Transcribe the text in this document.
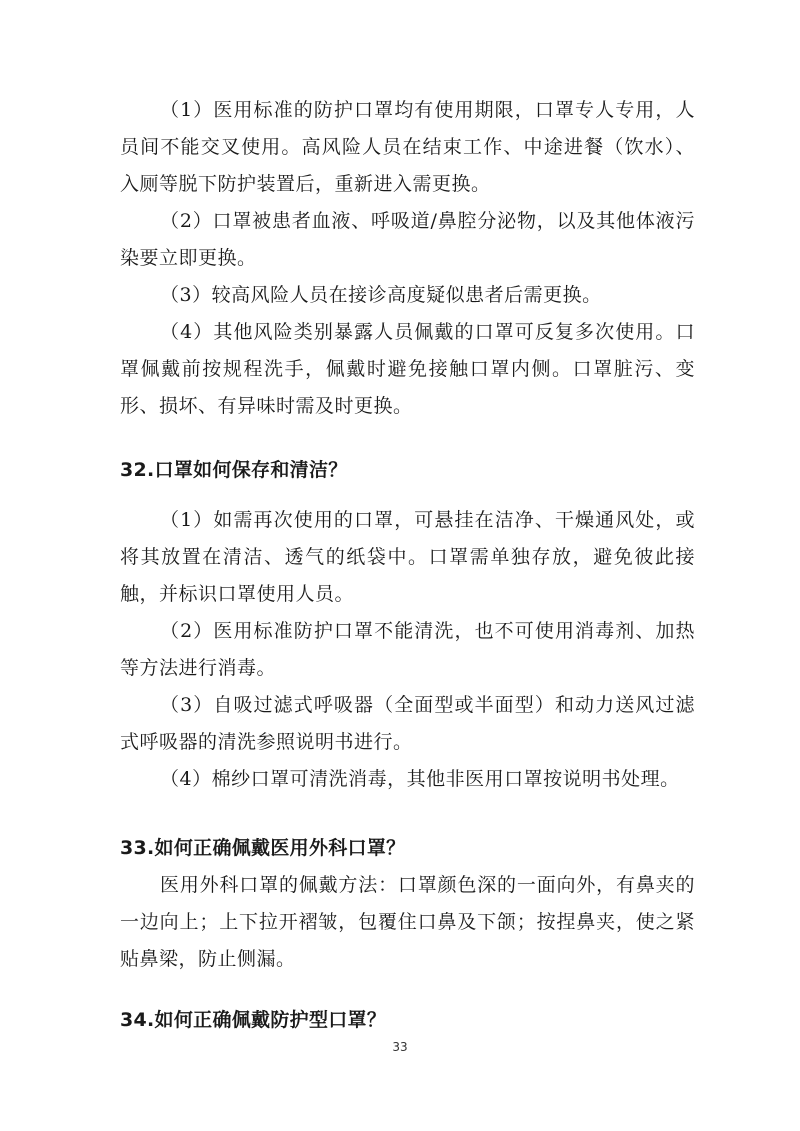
（1）医用标准的防护口罩均有使用期限，口罩专人专用，人员间不能交叉使用。高风险人员在结束工作、中途进餐（饮水）、入厕等脱下防护装置后，重新进入需更换。

（2）口罩被患者血液、呼吸道/鼻腔分泌物，以及其他体液污染要立即更换。

（3）较高风险人员在接诊高度疑似患者后需更换。

（4）其他风险类别暴露人员佩戴的口罩可反复多次使用。口罩佩戴前按规程洗手，佩戴时避免接触口罩内侧。口罩脏污、变形、损坏、有异味时需及时更换。

32.口罩如何保存和清洁？

（1）如需再次使用的口罩，可悬挂在洁净、干燥通风处，或将其放置在清洁、透气的纸袋中。口罩需单独存放，避免彼此接触，并标识口罩使用人员。

（2）医用标准防护口罩不能清洗，也不可使用消毒剂、加热等方法进行消毒。

（3）自吸过滤式呼吸器（全面型或半面型）和动力送风过滤式呼吸器的清洗参照说明书进行。

（4）棉纱口罩可清洗消毒，其他非医用口罩按说明书处理。

33.如何正确佩戴医用外科口罩？

医用外科口罩的佩戴方法：口罩颜色深的一面向外，有鼻夹的一边向上；上下拉开褶皱，包覆住口鼻及下颌；按捏鼻夹，使之紧贴鼻梁，防止侧漏。

34.如何正确佩戴防护型口罩？
33
